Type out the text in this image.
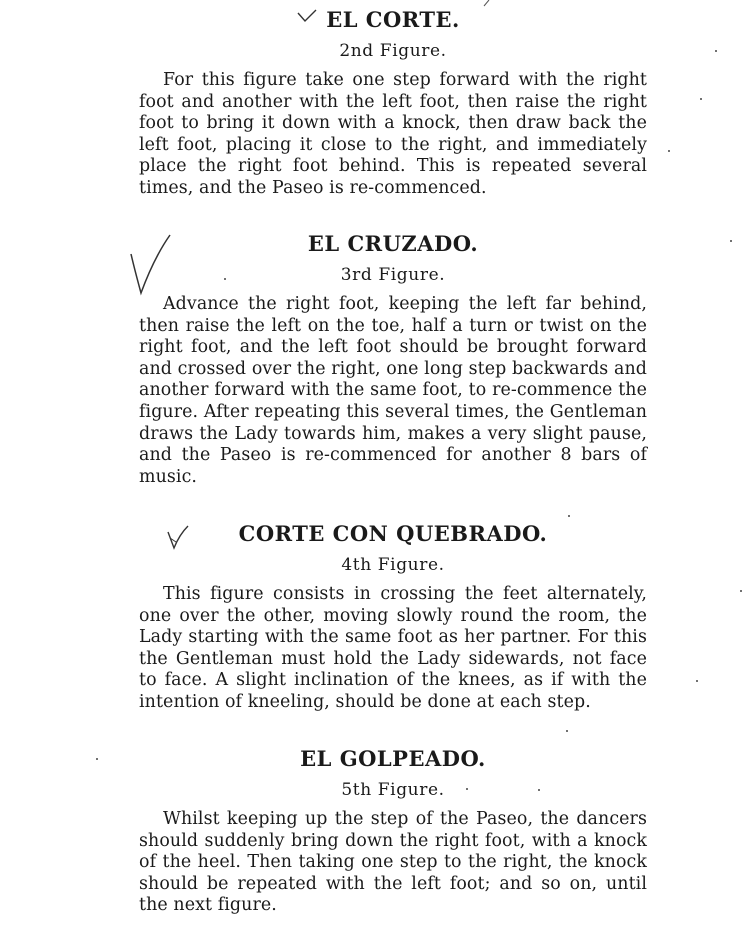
EL CORTE.
2nd Figure.

For this figure take one step forward with the right foot and another with the left foot, then raise the right foot to bring it down with a knock, then draw back the left foot, placing it close to the right, and immediately place the right foot behind. This is repeated several times, and the Paseo is re-commenced.

EL CRUZADO.
3rd Figure.

Advance the right foot, keeping the left far behind, then raise the left on the toe, half a turn or twist on the right foot, and the left foot should be brought forward and crossed over the right, one long step backwards and another forward with the same foot, to re-commence the figure. After repeating this several times, the Gentleman draws the Lady towards him, makes a very slight pause, and the Paseo is re-commenced for another 8 bars of music.

CORTE CON QUEBRADO.
4th Figure.

This figure consists in crossing the feet alternately, one over the other, moving slowly round the room, the Lady starting with the same foot as her partner. For this the Gentleman must hold the Lady sidewards, not face to face. A slight inclination of the knees, as if with the intention of kneeling, should be done at each step.

EL GOLPEADO.
5th Figure.

Whilst keeping up the step of the Paseo, the dancers should suddenly bring down the right foot, with a knock of the heel. Then taking one step to the right, the knock should be repeated with the left foot; and so on, until the next figure.
